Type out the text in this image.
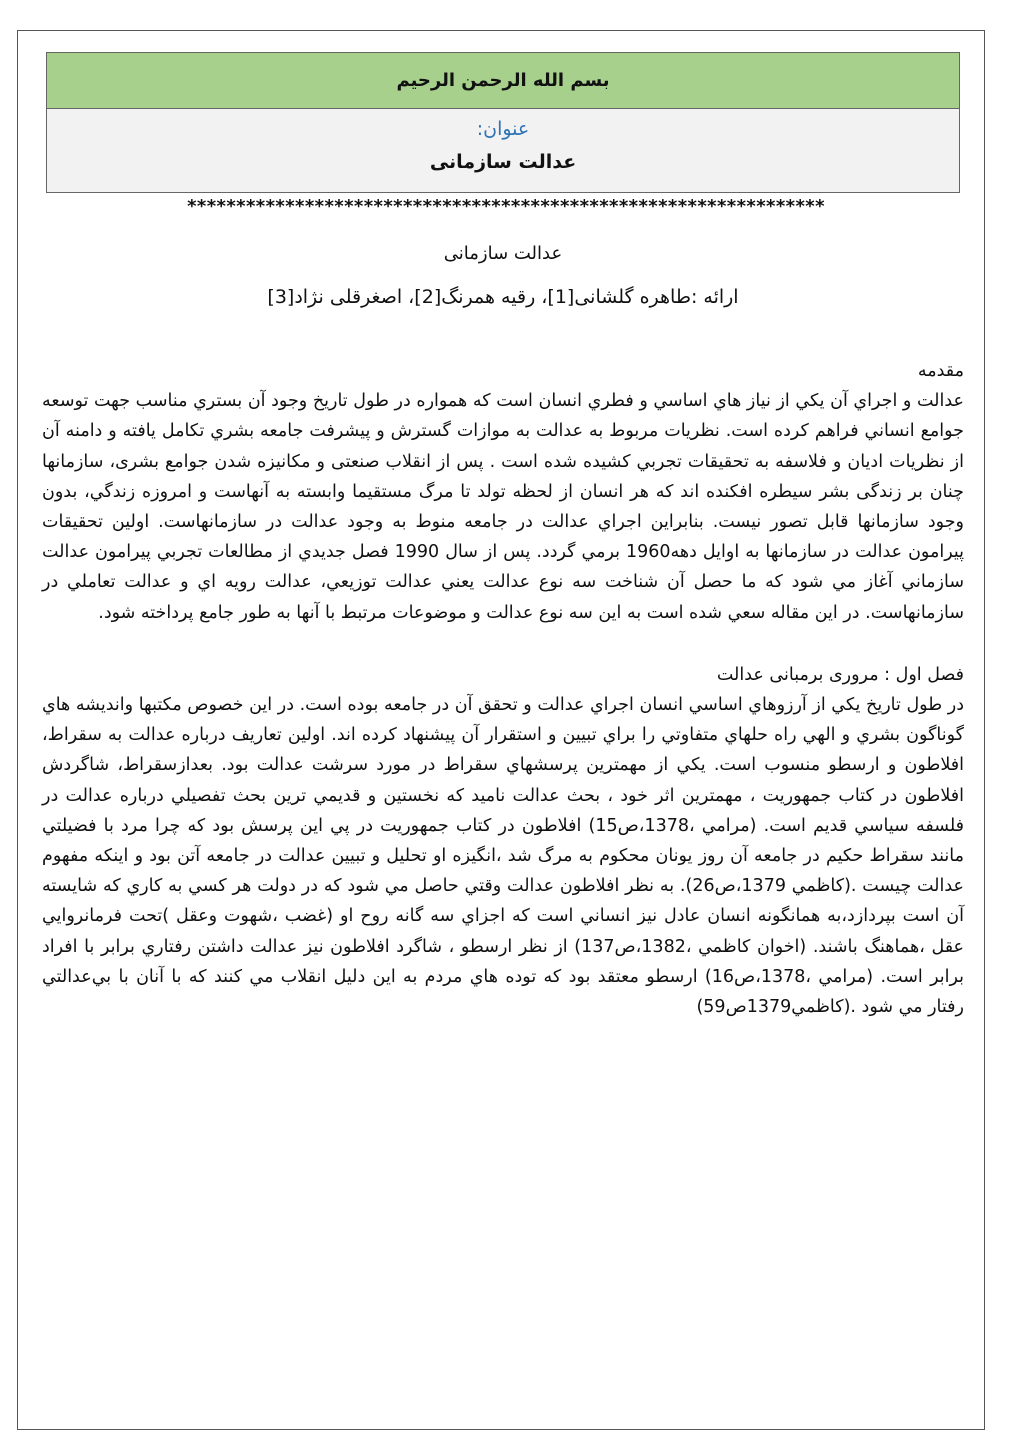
بسم الله الرحمن الرحيم
عنوان:
عدالت سازمانی
*****************************************************************
عدالت سازمانی
ارائه :طاهره گلشانی[1]، رقیه همرنگ[2]، اصغرقلی نژاد[3]

مقدمه

عدالت و اجراي آن يكي از نياز هاي اساسي و فطري انسان است كه همواره در طول تاريخ وجود آن بستري مناسب جهت توسعه جوامع انساني فراهم كرده است. نظريات مربوط به عدالت به موازات گسترش و پيشرفت جامعه بشري تكامل يافته و دامنه آن از نظريات اديان و فلاسفه به تحقيقات تجربي كشيده شده است . پس از انقلاب صنعتی و مكانيزه شدن جوامع بشری، سازمانها چنان بر زندگی بشر سيطره افكنده اند كه هر انسان از لحظه تولد تا مرگ مستقيما وابسته به آنهاست و امروزه زندگي، بدون وجود سازمانها قابل تصور نيست. بنابراين اجراي عدالت در جامعه منوط به وجود عدالت در سازمانهاست. اولين تحقيقات پيرامون عدالت در سازمانها به اوايل دهه1960 برمي گردد. پس از سال 1990 فصل جديدي از مطالعات تجربي پيرامون عدالت سازماني آغاز مي شود كه ما حصل آن شناخت سه نوع عدالت يعني عدالت توزيعي، عدالت رويه اي و عدالت تعاملي در سازمانهاست. در اين مقاله سعي شده است به اين سه نوع عدالت و موضوعات مرتبط با آنها به طور جامع پرداخته شود.

فصل اول : مروری برمبانی عدالت

در طول تاريخ يكي از آرزوهاي اساسي انسان اجراي عدالت و تحقق آن در جامعه بوده است. در اين خصوص مكتبها وانديشه هاي گوناگون بشري و الهي راه حلهاي متفاوتي را براي تبيين و استقرار آن پيشنهاد كرده اند. اولين تعاريف درباره عدالت به سقراط، افلاطون و ارسطو منسوب است. يكي از مهمترين پرسشهاي سقراط در مورد سرشت عدالت بود. بعدازسقراط، شاگردش افلاطون در كتاب جمهوريت ، مهمترين اثر خود ، بحث عدالت ناميد كه نخستين و قديمي ترين بحث تفصيلي درباره عدالت در فلسفه سياسي قديم است. (مرامي ،1378،ص15) افلاطون در كتاب جمهوريت در پي اين پرسش بود كه چرا مرد با فضيلتي مانند سقراط حكيم در جامعه آن روز يونان محكوم به مرگ شد ،انگيزه او تحليل و تبيين عدالت در جامعه آتن بود و اينكه مفهوم عدالت چيست .(كاظمي 1379،ص26). به نظر افلاطون عدالت وقتي حاصل مي شود كه در دولت هر كسي به كاري كه شايسته آن است بپردازد،به همانگونه انسان عادل نيز انساني است كه اجزاي سه گانه روح او (غضب ،شهوت وعقل )تحت فرمانروايي عقل ،هماهنگ باشند. (اخوان كاظمي ،1382،ص137) از نظر ارسطو ، شاگرد افلاطون نيز عدالت داشتن رفتاري برابر با افراد برابر است. (مرامي ،1378،ص16) ارسطو معتقد بود كه توده هاي مردم به اين دليل انقلاب مي كنند كه با آنان با بي‌عدالتي رفتار مي شود .(كاظمي1379ص59)
